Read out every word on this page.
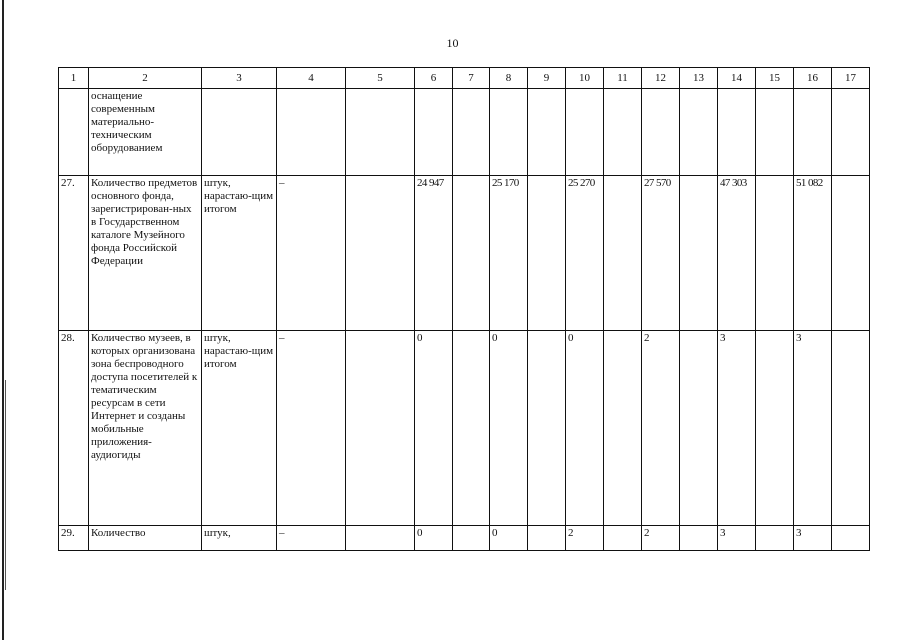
10
1	2	3	4	5	6	7	8	9	10	11	12	13	14	15	16	17
	оснащение современным материально-техническим оборудованием															
27.	Количество предметов основного фонда, зарегистрирован-ных в Государственном каталоге Музейного фонда Российской Федерации	штук, нарастаю-щим итогом	–		24 947		25 170		25 270		27 570		47 303		51 082	
28.	Количество музеев, в которых организована зона беспроводного доступа посетителей к тематическим ресурсам в сети Интернет и созданы мобильные приложения-аудиогиды	штук, нарастаю-щим итогом	–		0		0		0		2		3		3	
29.	Количество	штук,	–		0		0		2		2		3		3	
